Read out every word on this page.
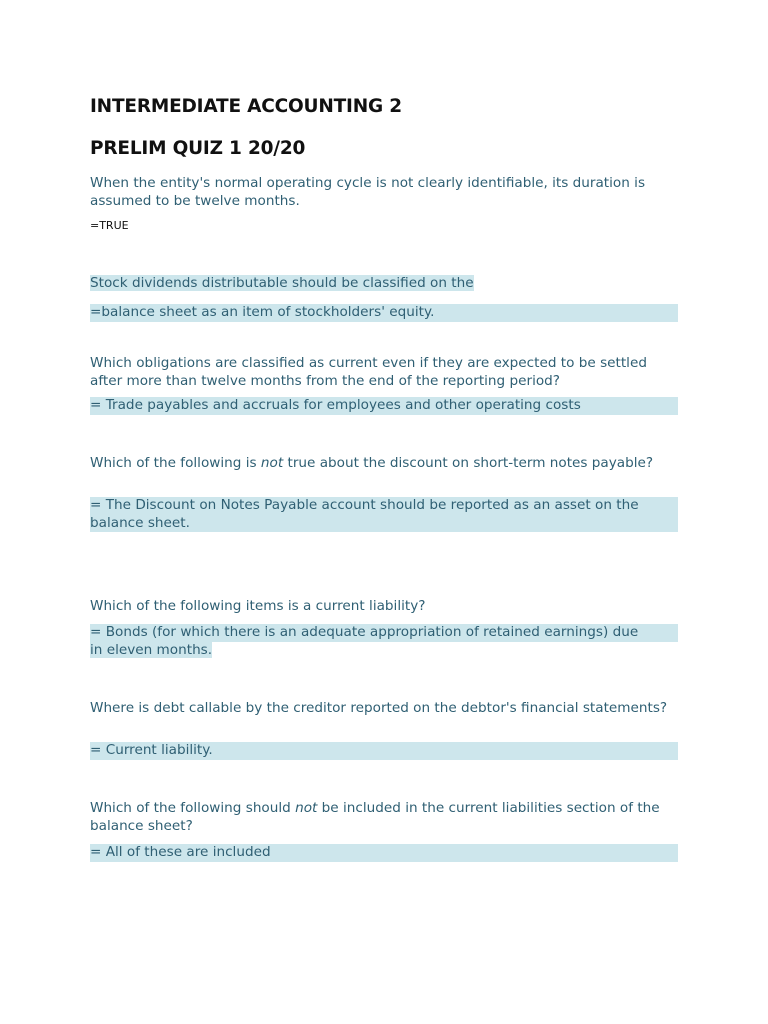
INTERMEDIATE ACCOUNTING 2
PRELIM QUIZ 1 20/20
When the entity's normal operating cycle is not clearly identifiable, its duration is assumed to be twelve months.
=TRUE
Stock dividends distributable should be classified on the
=balance sheet as an item of stockholders' equity.
Which obligations are classified as current even if they are expected to be settled after more than twelve months from the end of the reporting period?
= Trade payables and accruals for employees and other operating costs
Which of the following is not true about the discount on short-term notes payable?
= The Discount on Notes Payable account should be reported as an asset on the balance sheet.
Which of the following items is a current liability?
= Bonds (for which there is an adequate appropriation of retained earnings) due
in eleven months.
Where is debt callable by the creditor reported on the debtor's financial statements?
= Current liability.
Which of the following should not be included in the current liabilities section of the balance sheet?
= All of these are included
